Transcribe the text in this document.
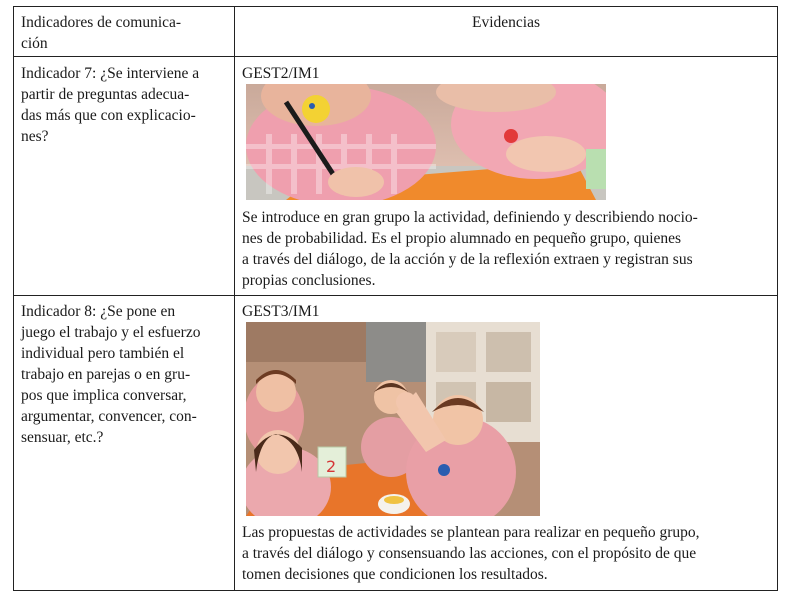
Indicadores de comunica-
ción
Evidencias
Indicador 7: ¿Se interviene a
partir de preguntas adecua-
das más que con explicacio-
nes?
GEST2/IM1
Se introduce en gran grupo la actividad, definiendo y describiendo nocio-
nes de probabilidad. Es el propio alumnado en pequeño grupo, quienes
a través del diálogo, de la acción y de la reflexión extraen y registran sus
propias conclusiones.
Indicador 8: ¿Se pone en
juego el trabajo y el esfuerzo
individual pero también el
trabajo en parejas o en gru-
pos que implica conversar,
argumentar, convencer, con-
sensuar, etc.?
GEST3/IM1
2
Las propuestas de actividades se plantean para realizar en pequeño grupo,
a través del diálogo y consensuando las acciones, con el propósito de que
tomen decisiones que condicionen los resultados.
